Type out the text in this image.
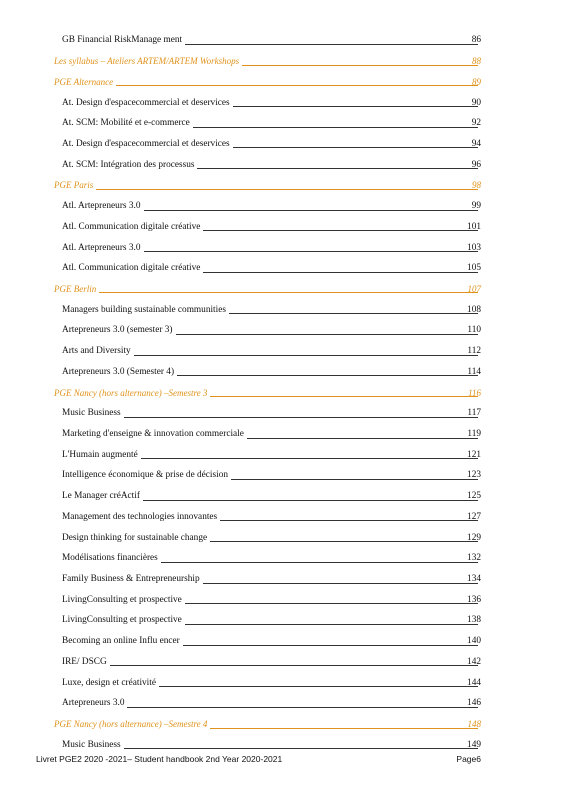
GB Financial RiskManage ment	86
Les syllabus – Ateliers ARTEM/ARTEM Workshops	88
PGE Alternance	89
At. Design d'espacecommercial et deservices	90
At. SCM: Mobilité et e-commerce	92
At. Design d'espacecommercial et deservices	94
At. SCM: Intégration des processus	96
PGE Paris	98
Atl. Artepreneurs 3.0	99
Atl. Communication digitale créative	101
Atl. Artepreneurs 3.0	103
Atl. Communication digitale créative	105
PGE Berlin	107
Managers building sustainable communities	108
Artepreneurs 3.0 (semester 3)	110
Arts and Diversity	112
Artepreneurs 3.0 (Semester 4)	114
PGE Nancy (hors alternance) –Semestre 3	116
Music Business	117
Marketing d'enseigne & innovation commerciale	119
L'Humain augmenté	121
Intelligence économique & prise de décision	123
Le Manager créActif	125
Management des technologies innovantes	127
Design thinking for sustainable change	129
Modélisations financières	132
Family Business & Entrepreneurship	134
LivingConsulting et prospective	136
LivingConsulting et prospective	138
Becoming an online Influ encer	140
IRE/ DSCG	142
Luxe, design et créativité	144
Artepreneurs 3.0	146
PGE Nancy (hors alternance) –Semestre 4	148
Music Business	149
Livret PGE2 2020 -2021– Student handbook 2nd Year 2020-2021	Page6
